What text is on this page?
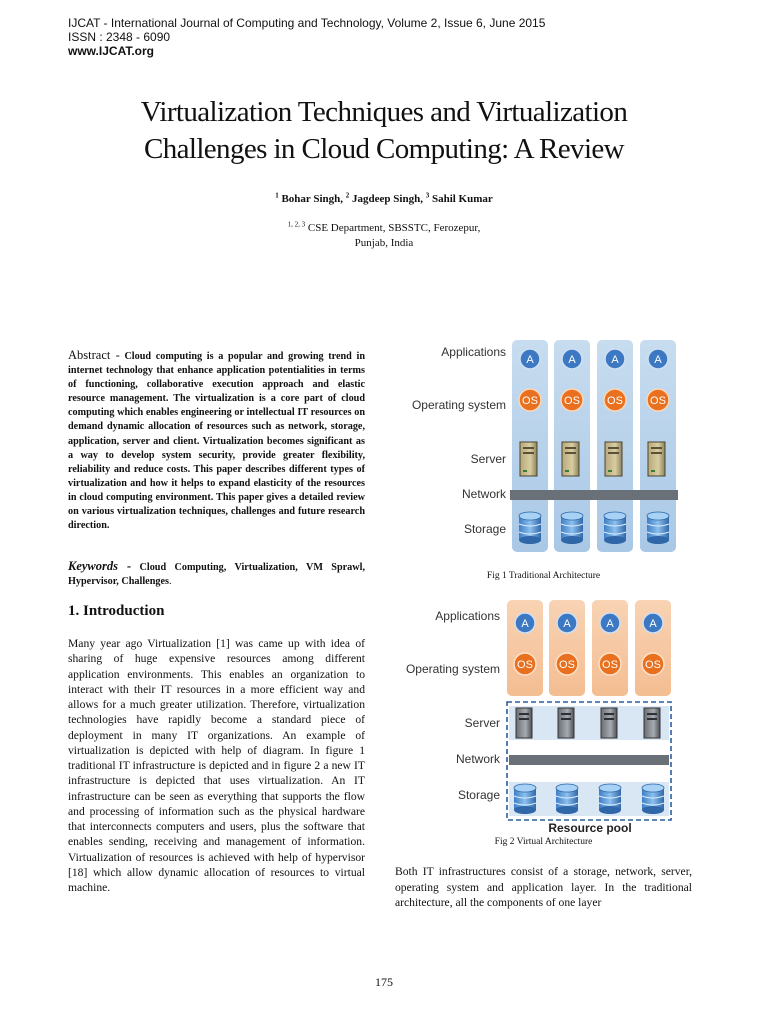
IJCAT - International Journal of Computing and Technology, Volume 2, Issue 6, June 2015
ISSN : 2348 - 6090
www.IJCAT.org
Virtualization Techniques and Virtualization
Challenges in Cloud Computing: A Review
$^1$ Bohar Singh, $^2$ Jagdeep Singh, $^3$ Sahil Kumar
$^{1, 2, 3}$ CSE Department, SBSSTC, Ferozepur,
Punjab, India
Abstract - Cloud computing is a popular and growing trend in internet technology that enhance application potentialities in terms of functioning, collaborative execution approach and elastic resource management. The virtualization is a core part of cloud computing which enables engineering or intellectual IT resources on demand dynamic allocation of resources such as network, storage, application, server and client. Virtualization becomes significant as a way to develop system security, provide greater flexibility, reliability and reduce costs. This paper describes different types of virtualization and how it helps to expand elasticity of the resources in cloud computing environment. This paper gives a detailed review on various virtualization techniques, challenges and future research direction.
Keywords - Cloud Computing, Virtualization, VM Sprawl, Hypervisor, Challenges.
1. Introduction
Many year ago Virtualization [1] was came up with idea of sharing of huge expensive resources among different application environments. This enables an organization to interact with their IT resources in a more efficient way and allows for a much greater utilization. Therefore, virtualization technologies have rapidly become a standard piece of deployment in many IT organizations. An example of virtualization is depicted with help of diagram. In figure 1 traditional IT infrastructure is depicted and in figure 2 a new IT infrastructure is depicted that uses virtualization. An IT infrastructure can be seen as everything that supports the flow and processing of information such as the physical hardware that interconnects computers and users, plus the software that enables sending, receiving and management of information. Virtualization of resources is achieved with help of hypervisor [18] which allow dynamic allocation of resources to virtual machine.
Applications
Operating system
Server
Network
Storage
A	A	A	A
OS OS OS OS
Fig 1 Traditional Architecture
Applications
Operating system
Server
Network
Storage
A	A	A	A
OS OS OS OS
Resource pool
Fig 2 Virtual Architecture
Both IT infrastructures consist of a storage, network, server, operating system and application layer. In the traditional architecture, all the components of one layer
175
